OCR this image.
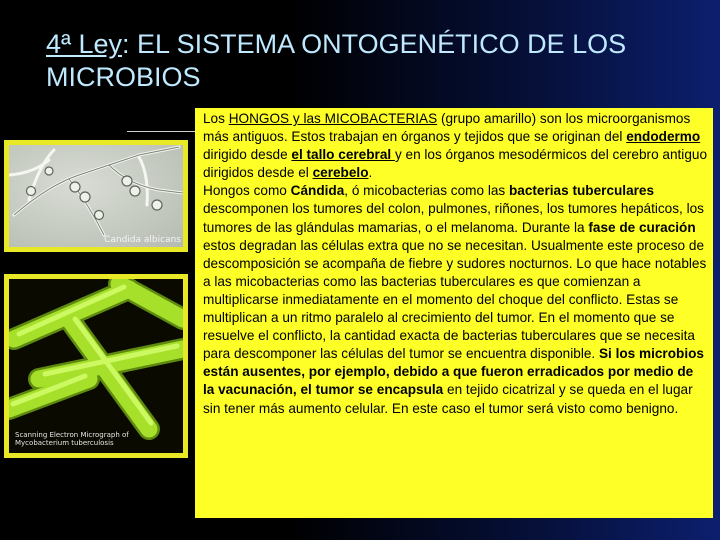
4ª Ley: EL SISTEMA ONTOGENÉTICO DE LOS MICROBIOS
Candida albicans
Scanning Electron Micrograph of
Mycobacterium tuberculosis
Los HONGOS y las MICOBACTERIAS (grupo amarillo) son los microorganismos más antiguos. Estos trabajan en órganos y tejidos que se originan del endodermo dirigido desde el tallo cerebral y en los órganos mesodérmicos del cerebro antiguo dirigidos desde el cerebelo.
Hongos como Cándida, ó micobacterias como las bacterias tuberculares descomponen los tumores del colon, pulmones, riñones, los tumores hepáticos, los tumores de las glándulas mamarias, o el melanoma. Durante la fase de curación estos degradan las células extra que no se necesitan. Usualmente este proceso de descomposición se acompaña de fiebre y sudores nocturnos. Lo que hace notables a las micobacterias como las bacterias tuberculares es que comienzan a multiplicarse inmediatamente en el momento del choque del conflicto. Estas se multiplican a un ritmo paralelo al crecimiento del tumor. En el momento que se resuelve el conflicto, la cantidad exacta de bacterias tuberculares que se necesita para descomponer las células del tumor se encuentra disponible. Si los microbios están ausentes, por ejemplo, debido a que fueron erradicados por medio de la vacunación, el tumor se encapsula en tejido cicatrizal y se queda en el lugar sin tener más aumento celular. En este caso el tumor será visto como benigno.
